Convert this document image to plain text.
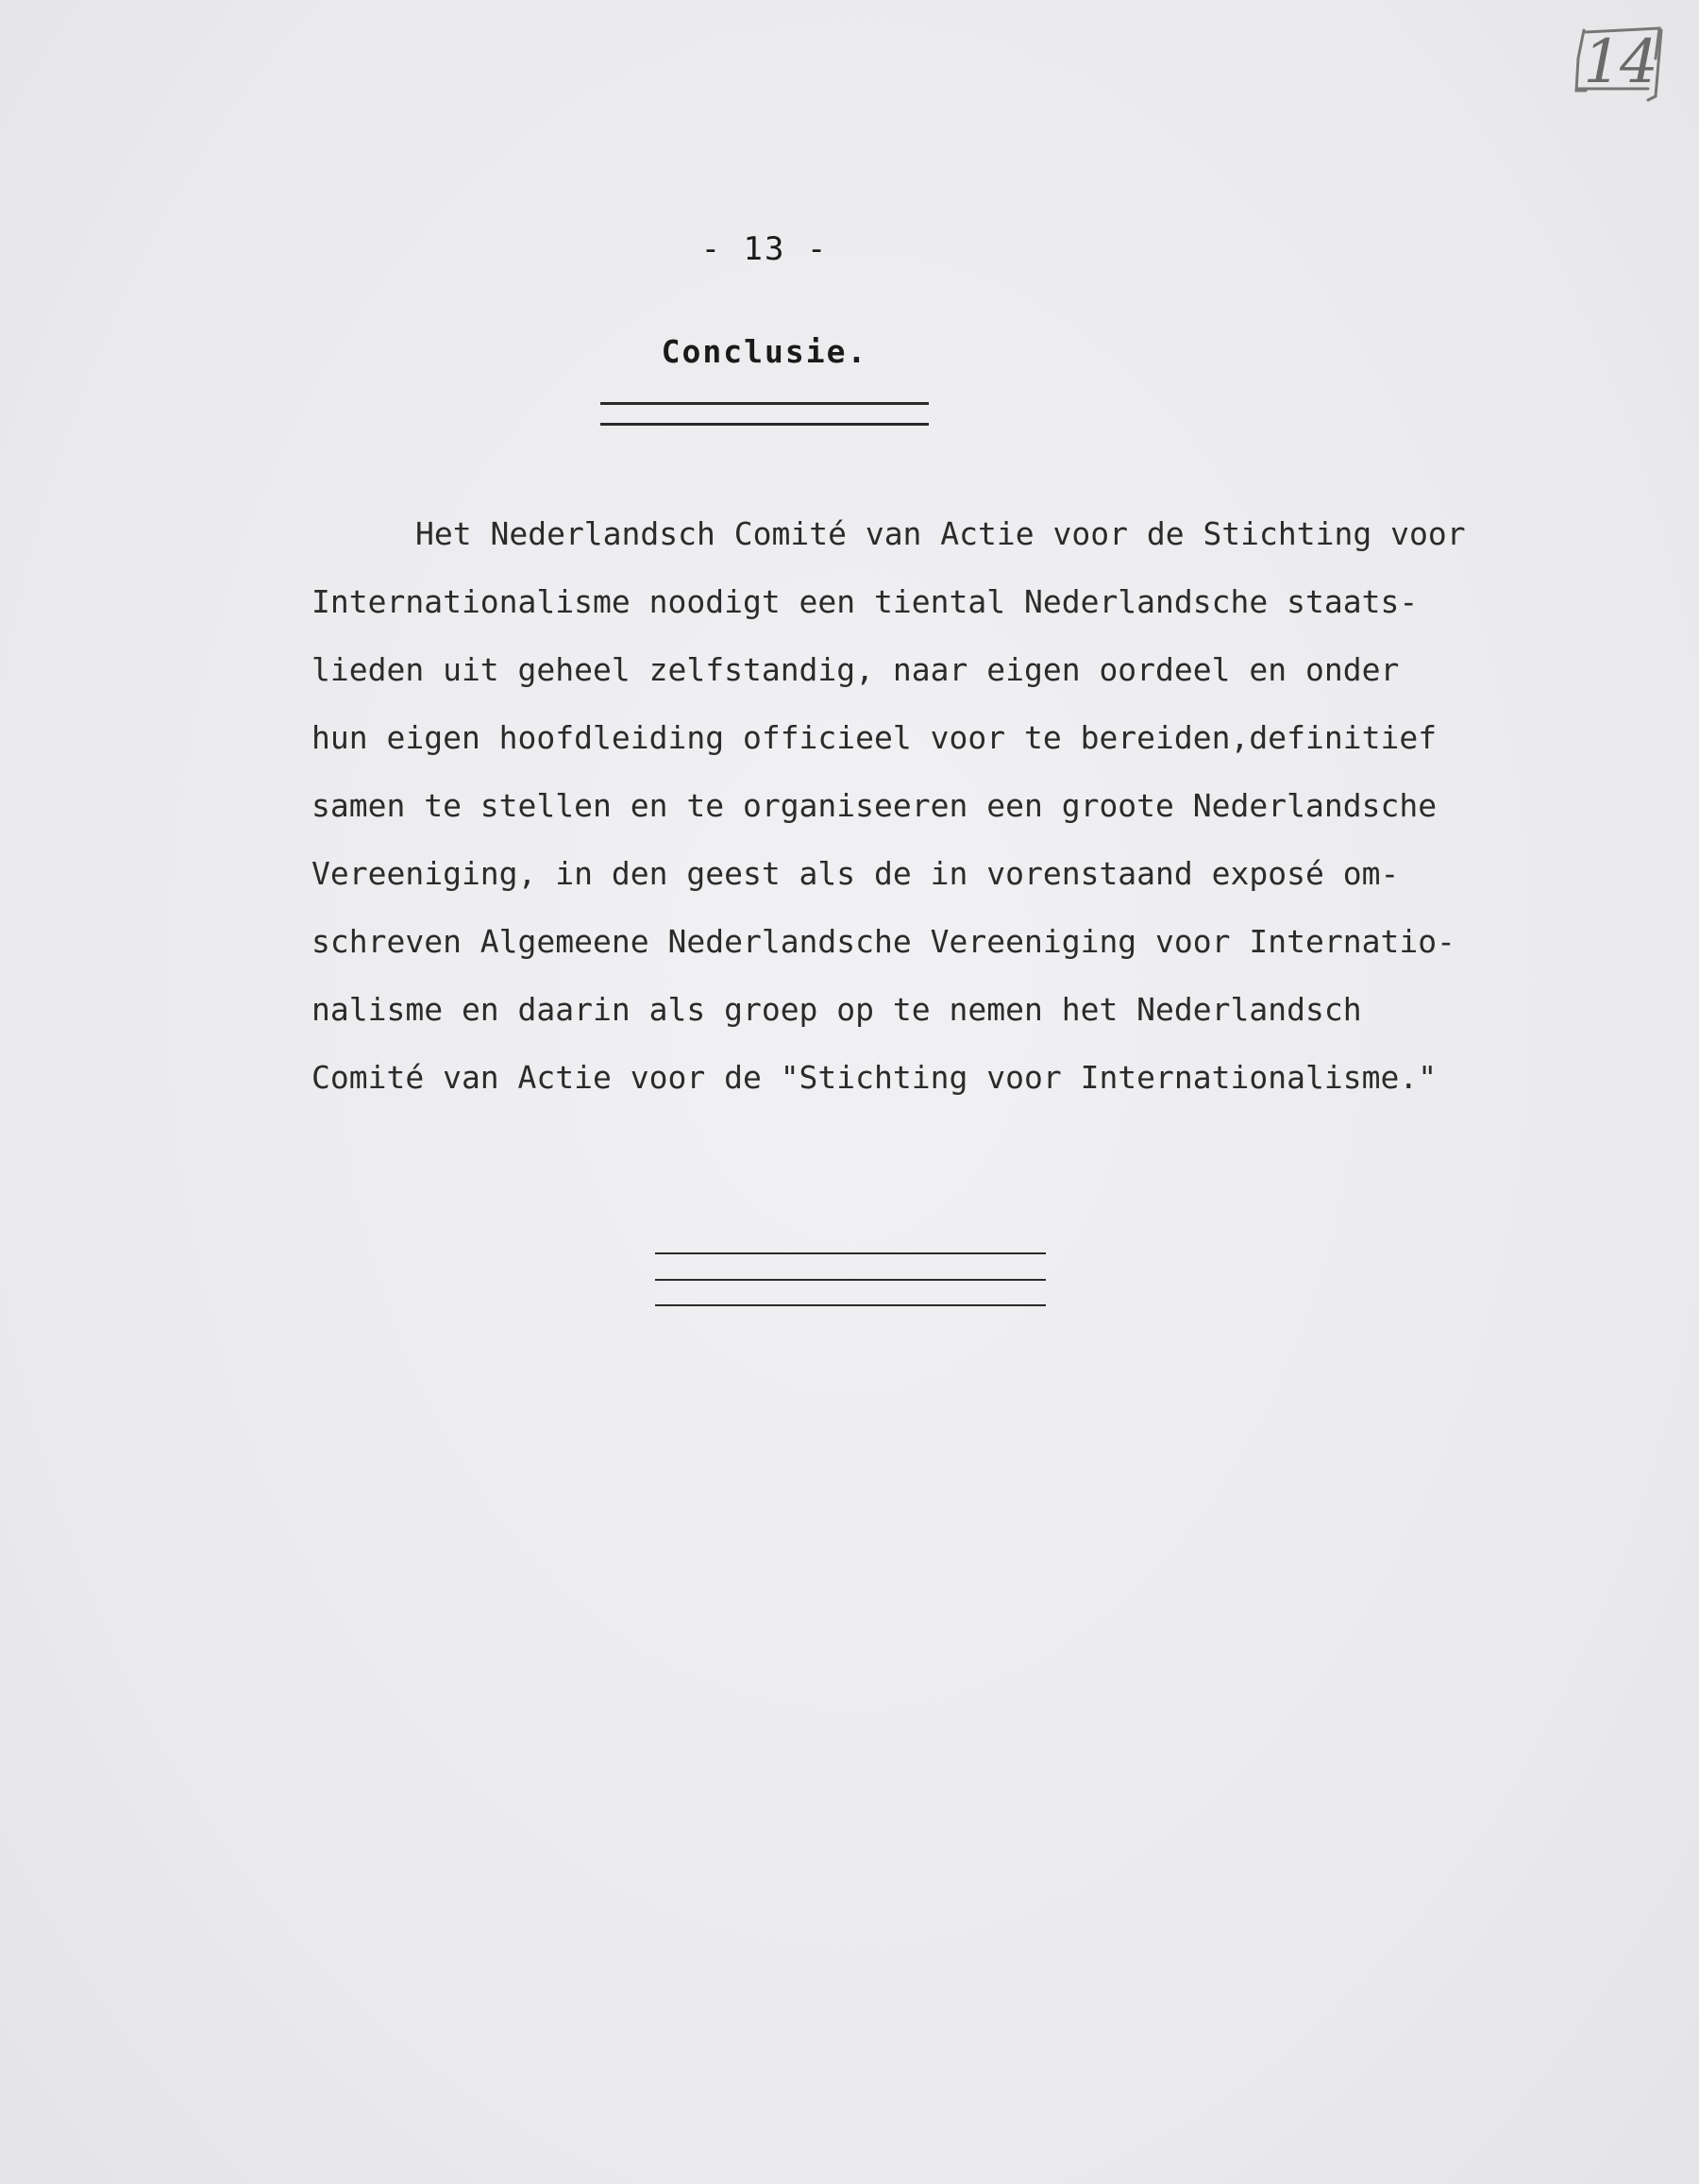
14
- 13 -
Conclusie.
Het Nederlandsch Comité van Actie voor de Stichting voor
Internationalisme noodigt een tiental Nederlandsche staats-
lieden uit geheel zelfstandig, naar eigen oordeel en onder
hun eigen hoofdleiding officieel voor te bereiden,definitief
samen te stellen en te organiseeren een groote Nederlandsche
Vereeniging, in den geest als de in vorenstaand exposé om-
schreven Algemeene Nederlandsche Vereeniging voor Internatio-
nalisme en daarin als groep op te nemen het Nederlandsch
Comité van Actie voor de "Stichting voor Internationalisme."
